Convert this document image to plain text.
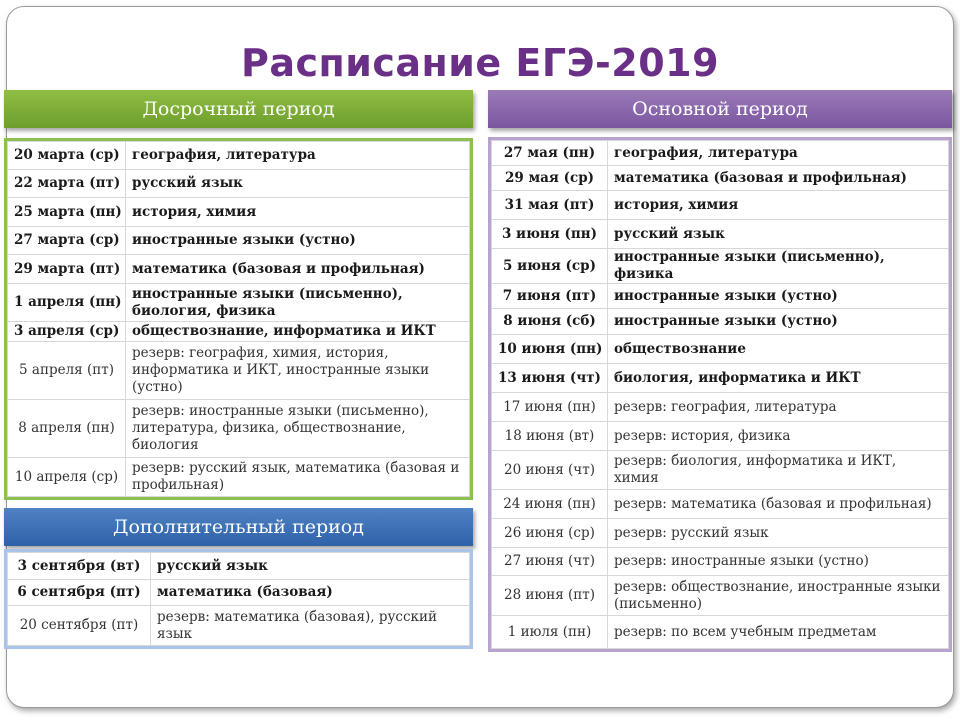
Расписание ЕГЭ-2019
Досрочный период	Основной период
20 марта (ср)	география, литература
22 марта (пт)	русский язык
25 марта (пн)	история, химия
27 марта (ср)	иностранные языки (устно)
29 марта (пт)	математика (базовая и профильная)
1 апреля (пн)	иностранные языки (письменно), биология, физика
3 апреля (ср)	обществознание, информатика и ИКТ
5 апреля (пт)	резерв: география, химия, история, информатика и ИКТ, иностранные языки (устно)
8 апреля (пн)	резерв: иностранные языки (письменно), литература, физика, обществознание, биология
10 апреля (ср)	резерв: русский язык, математика (базовая и профильная)
27 мая (пн)	география, литература
29 мая (ср)	математика (базовая и профильная)
31 мая (пт)	история, химия
3 июня (пн)	русский язык
5 июня (ср)	иностранные языки (письменно), физика
7 июня (пт)	иностранные языки (устно)
8 июня (сб)	иностранные языки (устно)
10 июня (пн)	обществознание
13 июня (чт)	биология, информатика и ИКТ
17 июня (пн)	резерв: география, литература
18 июня (вт)	резерв: история, физика
20 июня (чт)	резерв: биология, информатика и ИКТ, химия
24 июня (пн)	резерв: математика (базовая и профильная)
26 июня (ср)	резерв: русский язык
27 июня (чт)	резерв: иностранные языки (устно)
28 июня (пт)	резерв: обществознание, иностранные языки (письменно)
1 июля (пн)	резерв: по всем учебным предметам
Дополнительный период
3 сентября (вт)	русский язык
6 сентября (пт)	математика (базовая)
20 сентября (пт)	резерв: математика (базовая), русский язык
